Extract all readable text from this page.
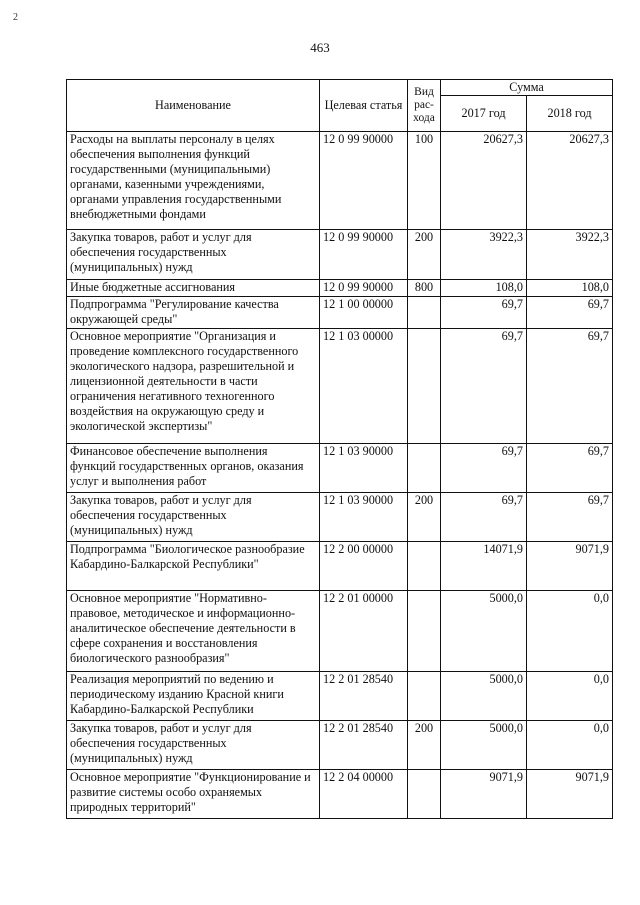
2
463
Наименование	Целевая статья	Вид рас-хода	Сумма	
			2017 год	2018 год
Расходы на выплаты персоналу в целях обеспечения выполнения функций государственными (муниципальными) органами, казенными учреждениями, органами управления государственными внебюджетными фондами	12 0 99 90000	100	20627,3	20627,3
Закупка товаров, работ и услуг для обеспечения государственных (муниципальных) нужд	12 0 99 90000	200	3922,3	3922,3
Иные бюджетные ассигнования	12 0 99 90000	800	108,0	108,0
Подпрограмма "Регулирование качества окружающей среды"	12 1 00 00000		69,7	69,7
Основное мероприятие "Организация и проведение комплексного государственного экологического надзора, разрешительной и лицензионной деятельности в части ограничения негативного техногенного воздействия на окружающую среду и экологической экспертизы"	12 1 03 00000		69,7	69,7
Финансовое обеспечение выполнения функций государственных органов, оказания услуг и выполнения работ	12 1 03 90000		69,7	69,7
Закупка товаров, работ и услуг для обеспечения государственных (муниципальных) нужд	12 1 03 90000	200	69,7	69,7
Подпрограмма "Биологическое разнообразие Кабардино-Балкарской Республики"	12 2 00 00000		14071,9	9071,9
Основное мероприятие "Нормативно-правовое, методическое и информационно-аналитическое обеспечение деятельности в сфере сохранения и восстановления биологического разнообразия"	12 2 01 00000		5000,0	0,0
Реализация мероприятий по ведению и периодическому изданию Красной книги Кабардино-Балкарской Республики	12 2 01 28540		5000,0	0,0
Закупка товаров, работ и услуг для обеспечения государственных (муниципальных) нужд	12 2 01 28540	200	5000,0	0,0
Основное мероприятие "Функционирование и развитие системы особо охраняемых природных территорий"	12 2 04 00000		9071,9	9071,9
